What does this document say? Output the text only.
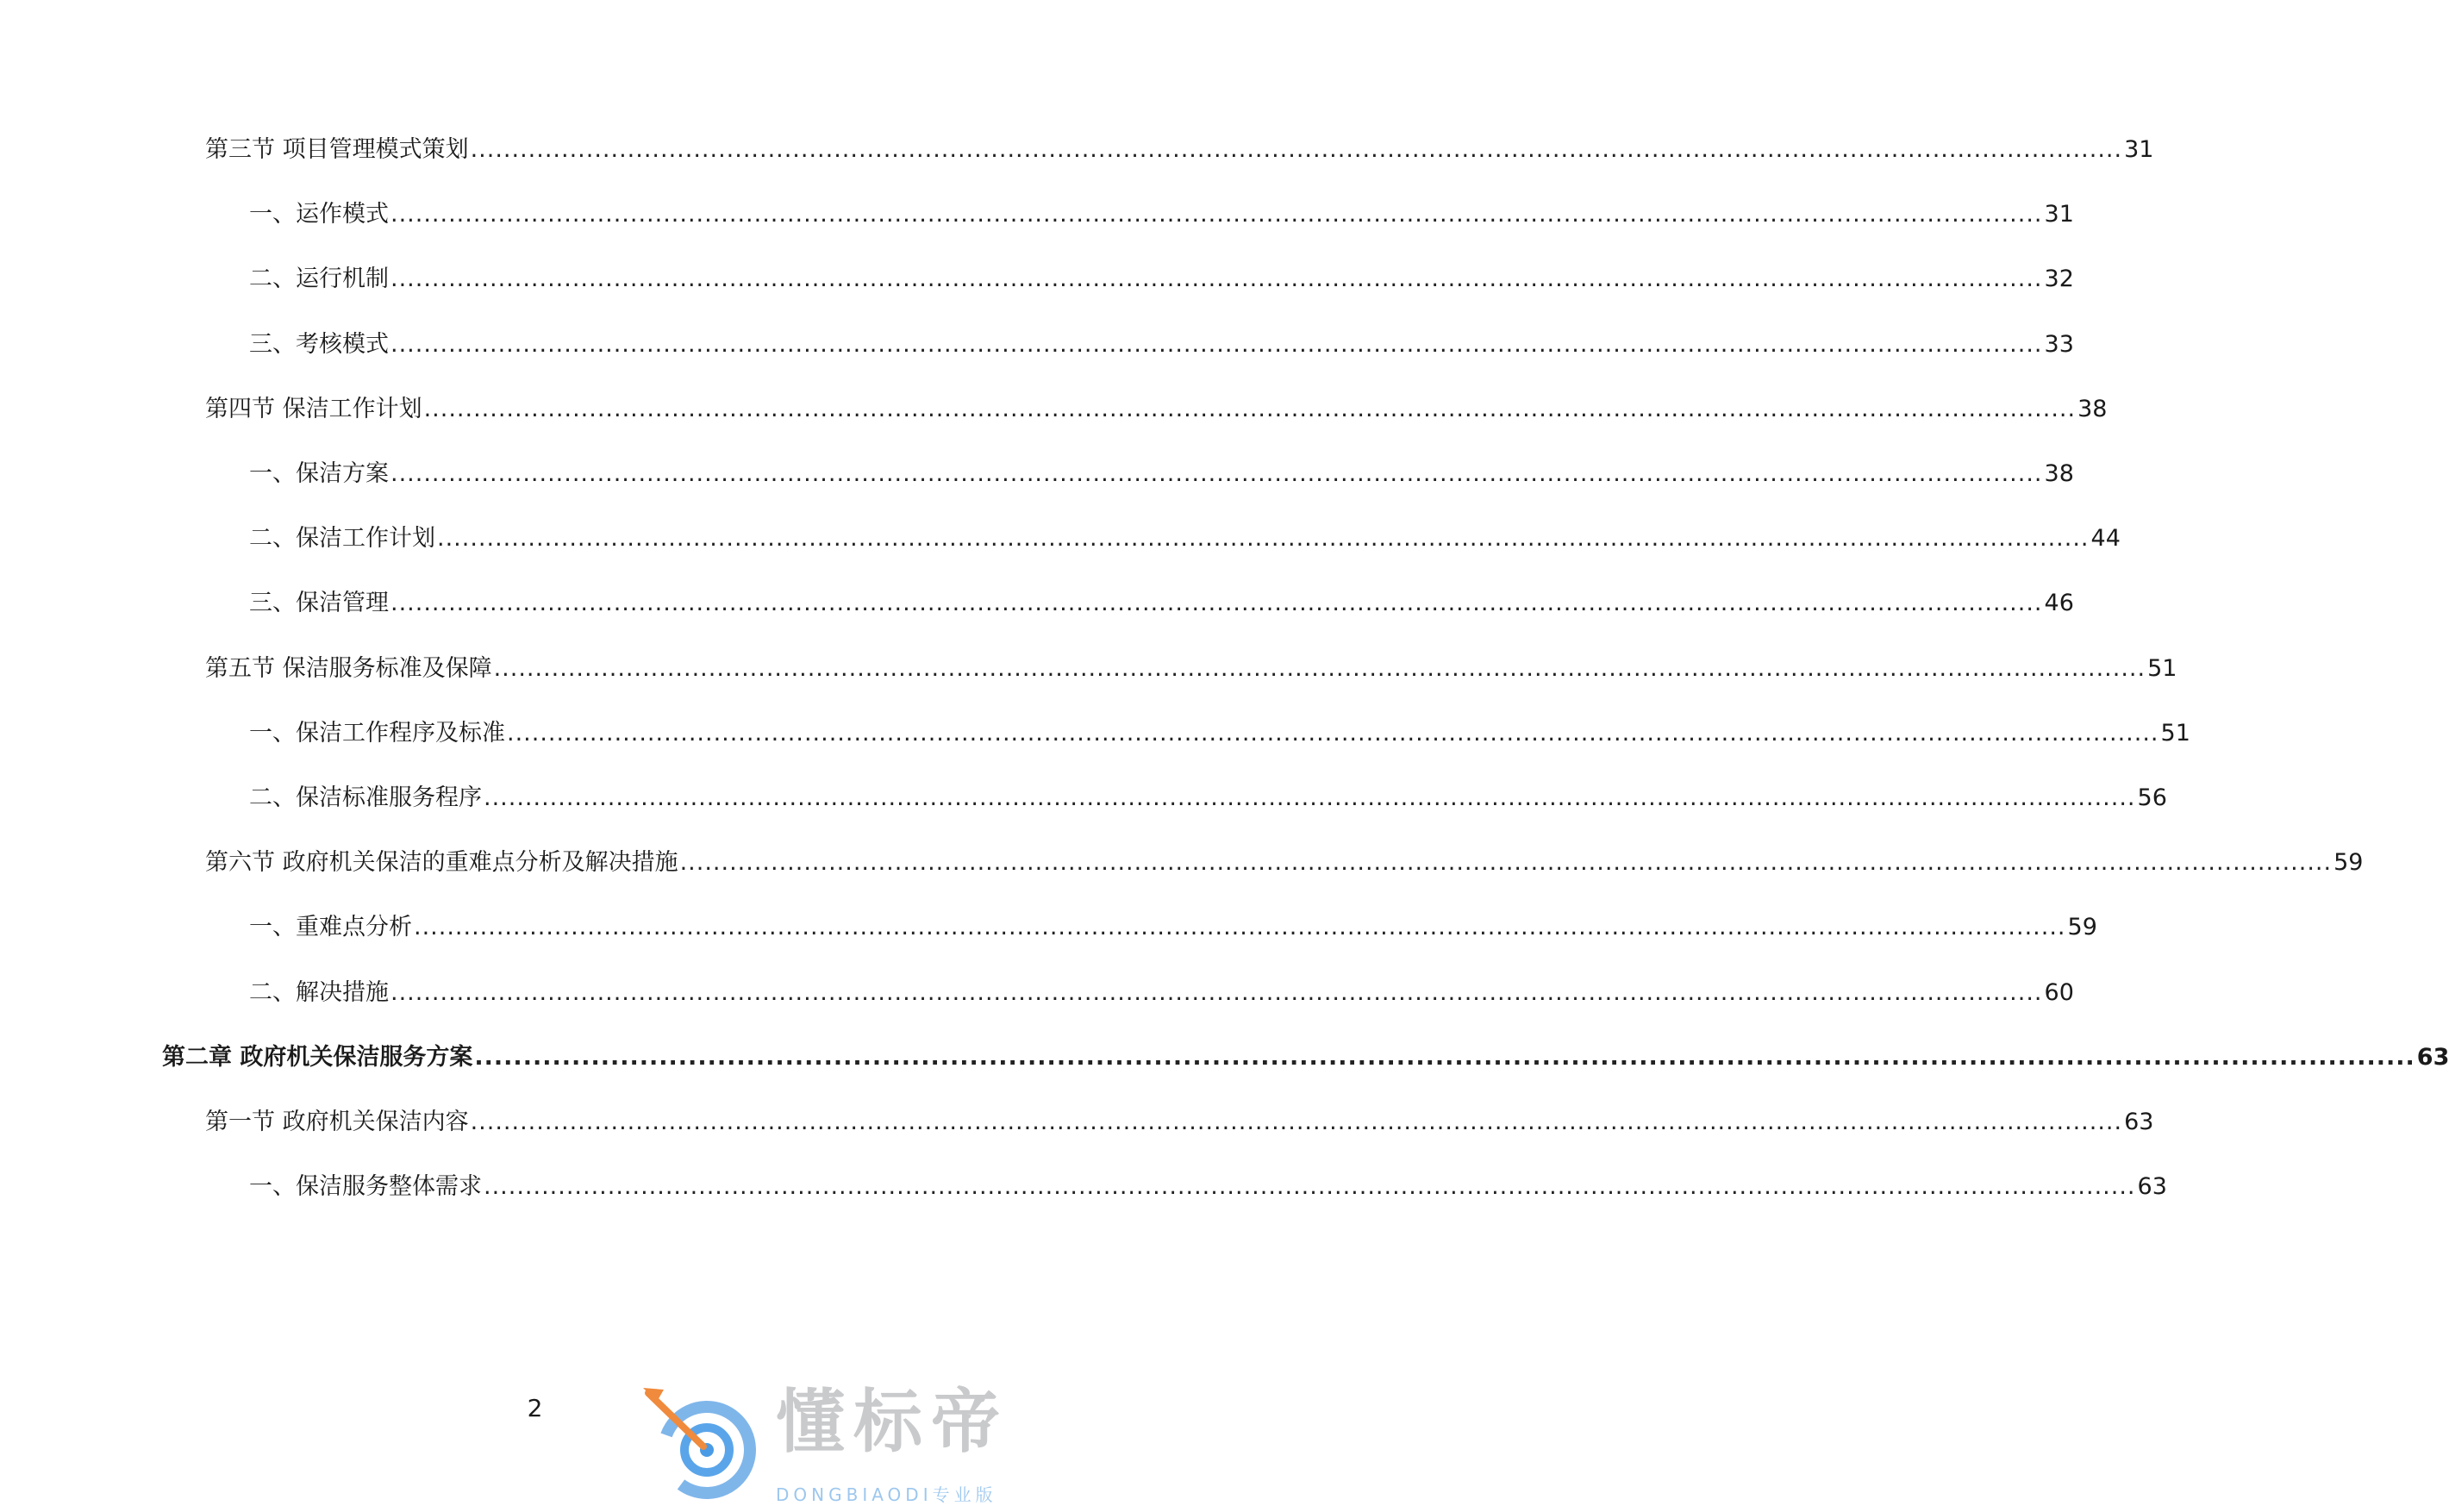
第三节 项目管理模式策划 ........................................................................................................................................................................................................ 31
一、运作模式 ........................................................................................................................................................................................................ 31
二、运行机制 ........................................................................................................................................................................................................ 32
三、考核模式 ........................................................................................................................................................................................................ 33
第四节 保洁工作计划 ........................................................................................................................................................................................................ 38
一、保洁方案 ........................................................................................................................................................................................................ 38
二、保洁工作计划 ........................................................................................................................................................................................................ 44
三、保洁管理 ........................................................................................................................................................................................................ 46
第五节 保洁服务标准及保障 ........................................................................................................................................................................................................ 51
一、保洁工作程序及标准 ........................................................................................................................................................................................................ 51
二、保洁标准服务程序 ........................................................................................................................................................................................................ 56
第六节 政府机关保洁的重难点分析及解决措施 ........................................................................................................................................................................................................ 59
一、重难点分析 ........................................................................................................................................................................................................ 59
二、解决措施 ........................................................................................................................................................................................................ 60
第二章 政府机关保洁服务方案 ........................................................................................................................................................................................................ 63
第一节 政府机关保洁内容 ........................................................................................................................................................................................................ 63
一、保洁服务整体需求 ........................................................................................................................................................................................................ 63
2	懂标帝
DONGBIAODI专业版
